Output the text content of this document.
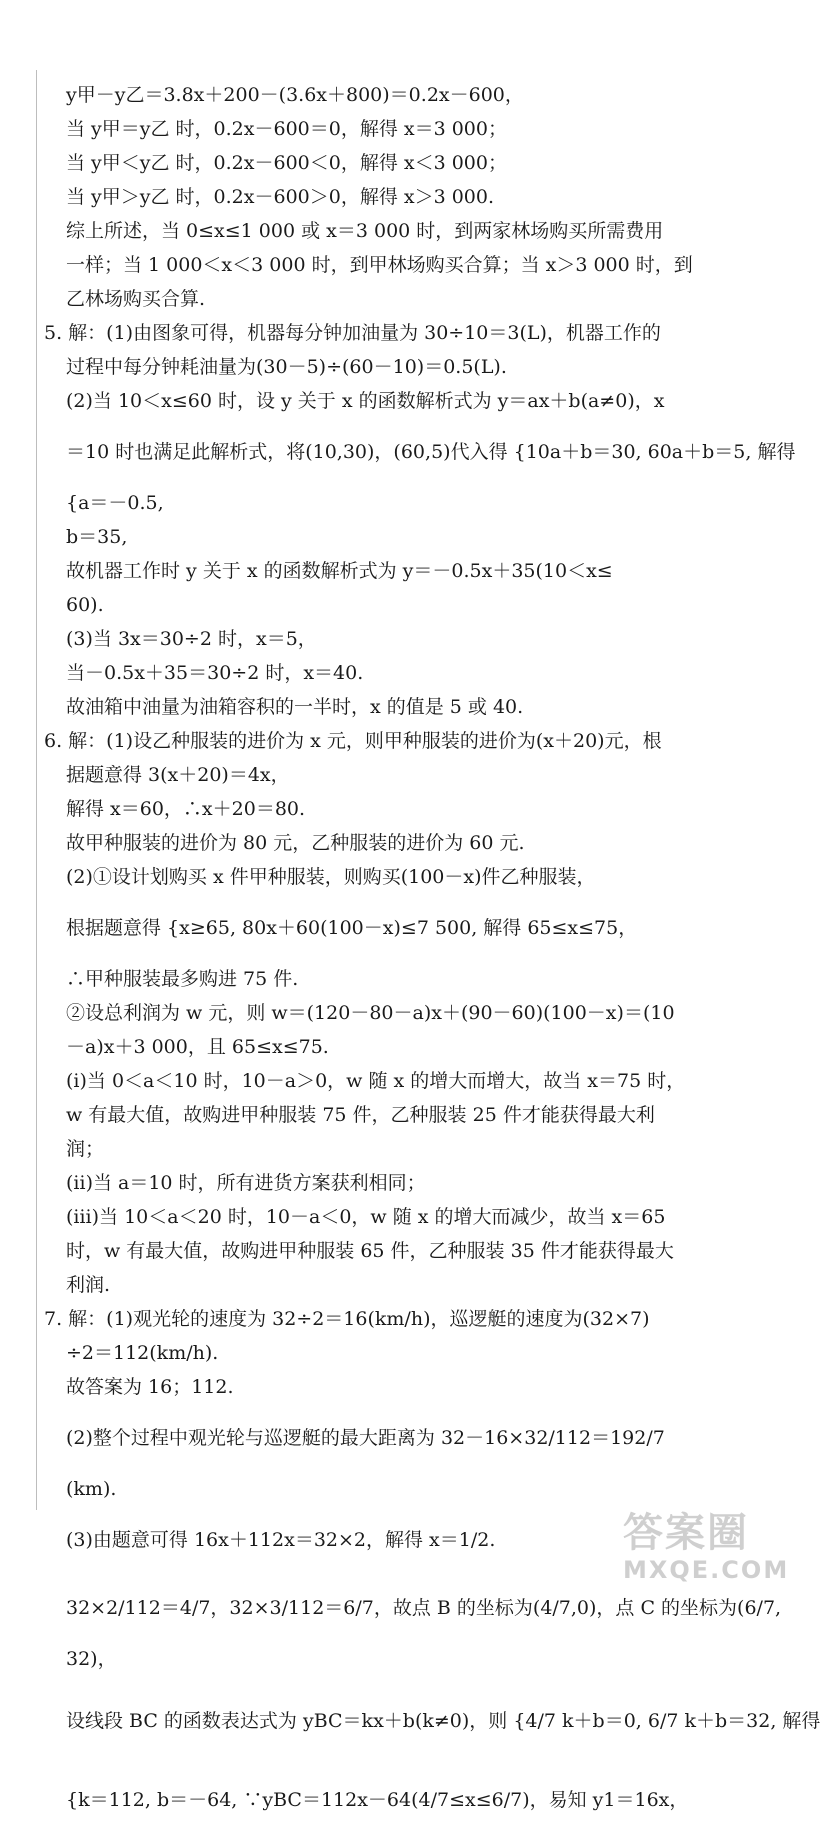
y甲－y乙＝3.8x＋200－(3.6x＋800)＝0.2x－600，
当 y甲＝y乙 时，0.2x－600＝0，解得 x＝3 000；
当 y甲＜y乙 时，0.2x－600＜0，解得 x＜3 000；
当 y甲＞y乙 时，0.2x－600＞0，解得 x＞3 000.
综上所述，当 0≤x≤1 000 或 x＝3 000 时，到两家林场购买所需费用
一样；当 1 000＜x＜3 000 时，到甲林场购买合算；当 x＞3 000 时，到
乙林场购买合算.
5. 解：(1)由图象可得，机器每分钟加油量为 30÷10＝3(L)，机器工作的
过程中每分钟耗油量为(30－5)÷(60－10)＝0.5(L).
(2)当 10＜x≤60 时，设 y 关于 x 的函数解析式为 y＝ax＋b(a≠0)，x
＝10 时也满足此解析式，将(10,30)，(60,5)代入得 {10a＋b＝30, 60a＋b＝5, 解得
{a＝－0.5,
b＝35,
故机器工作时 y 关于 x 的函数解析式为 y＝－0.5x＋35(10＜x≤
60).
(3)当 3x＝30÷2 时，x＝5，
当－0.5x＋35＝30÷2 时，x＝40.
故油箱中油量为油箱容积的一半时，x 的值是 5 或 40.
6. 解：(1)设乙种服装的进价为 x 元，则甲种服装的进价为(x＋20)元，根
据题意得 3(x＋20)＝4x，
解得 x＝60，∴x＋20＝80.
故甲种服装的进价为 80 元，乙种服装的进价为 60 元.
(2)①设计划购买 x 件甲种服装，则购买(100－x)件乙种服装，
根据题意得 {x≥65, 80x＋60(100－x)≤7 500, 解得 65≤x≤75，
∴甲种服装最多购进 75 件.
②设总利润为 w 元，则 w＝(120－80－a)x＋(90－60)(100－x)＝(10
－a)x＋3 000，且 65≤x≤75.
(ⅰ)当 0＜a＜10 时，10－a＞0，w 随 x 的增大而增大，故当 x＝75 时，
w 有最大值，故购进甲种服装 75 件，乙种服装 25 件才能获得最大利
润；
(ⅱ)当 a＝10 时，所有进货方案获利相同；
(ⅲ)当 10＜a＜20 时，10－a＜0，w 随 x 的增大而减少，故当 x＝65
时，w 有最大值，故购进甲种服装 65 件，乙种服装 35 件才能获得最大
利润.
7. 解：(1)观光轮的速度为 32÷2＝16(km/h)，巡逻艇的速度为(32×7)
÷2＝112(km/h).
故答案为 16；112.
(2)整个过程中观光轮与巡逻艇的最大距离为 32－16×32/112＝192/7
(km).
(3)由题意可得 16x＋112x＝32×2，解得 x＝1/2.
32×2/112＝4/7，32×3/112＝6/7，故点 B 的坐标为(4/7,0)，点 C 的坐标为(6/7,
32)，
设线段 BC 的函数表达式为 yBC＝kx＋b(k≠0)，则 {4/7 k＋b＝0, 6/7 k＋b＝32, 解得
{k＝112, b＝－64, ∵yBC＝112x－64(4/7≤x≤6/7)，易知 y1＝16x，
答案圈
MXQE.COM
